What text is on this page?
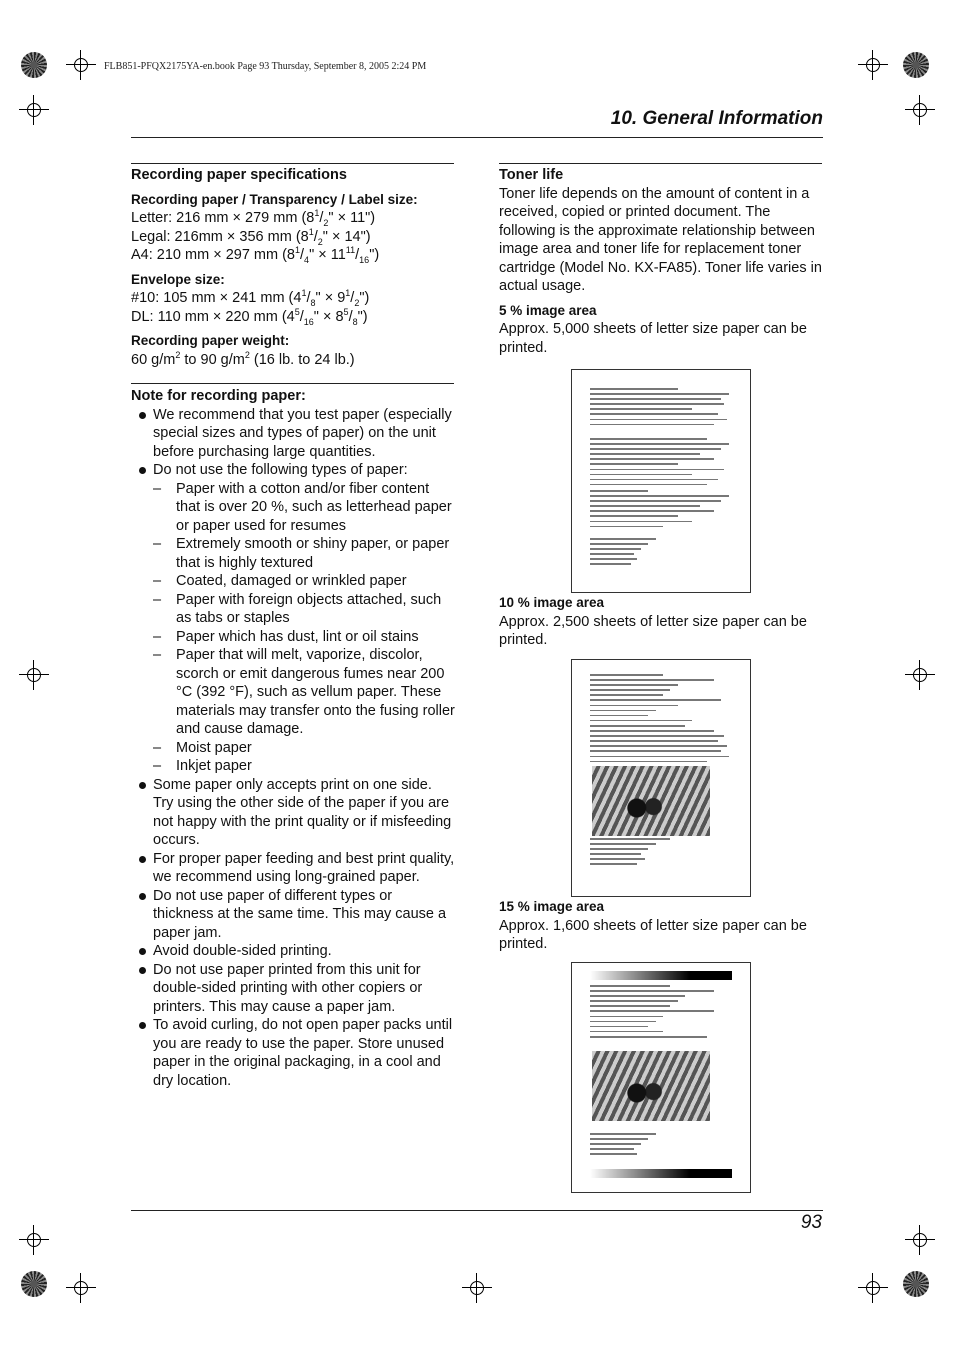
FLB851-PFQX2175YA-en.book Page 93 Thursday, September 8, 2005 2:24 PM
10. General Information
Recording paper specifications
Recording paper / Transparency / Label size:

Letter: 216 mm × 279 mm ($8^1/_2$" × 11")

Legal: 216mm × 356 mm ($8^1/_2$" × 14")

A4: 210 mm × 297 mm ($8^1/_4$" × $11^{11}/_{16}$")

Envelope size:

#10: 105 mm × 241 mm ($4^1/_8$" × $9^1/_2$")

DL: 110 mm × 220 mm ($4^5/_{16}$" × $8^5/_8$")

Recording paper weight:

60 $g/m^2$ to 90 $g/m^2$ (16 lb. to 24 lb.)

Note for recording paper:
We recommend that you test paper (especially special sizes and types of paper) on the unit before purchasing large quantities.
Do not use the following types of paper:
– Paper with a cotton and/or fiber content that is over 20 %, such as letterhead paper or paper used for resumes
– Extremely smooth or shiny paper, or paper that is highly textured
– Coated, damaged or wrinkled paper
– Paper with foreign objects attached, such as tabs or staples
– Paper which has dust, lint or oil stains
– Paper that will melt, vaporize, discolor, scorch or emit dangerous fumes near 200 °C (392 °F), such as vellum paper. These materials may transfer onto the fusing roller and cause damage.
– Moist paper
– Inkjet paper
Some paper only accepts print on one side. Try using the other side of the paper if you are not happy with the print quality or if misfeeding occurs.
For proper paper feeding and best print quality, we recommend using long-grained paper.
Do not use paper of different types or thickness at the same time. This may cause a paper jam.
Avoid double-sided printing.
Do not use paper printed from this unit for double-sided printing with other copiers or printers. This may cause a paper jam.
To avoid curling, do not open paper packs until you are ready to use the paper. Store unused paper in the original packaging, in a cool and dry location.
Toner life

Toner life depends on the amount of content in a received, copied or printed document. The following is the approximate relationship between image area and toner life for replacement toner cartridge (Model No. KX-FA85). Toner life varies in actual usage.

5 % image area

Approx. 5,000 sheets of letter size paper can be printed.

10 % image area

Approx. 2,500 sheets of letter size paper can be printed.

15 % image area

Approx. 1,600 sheets of letter size paper can be printed.

93
